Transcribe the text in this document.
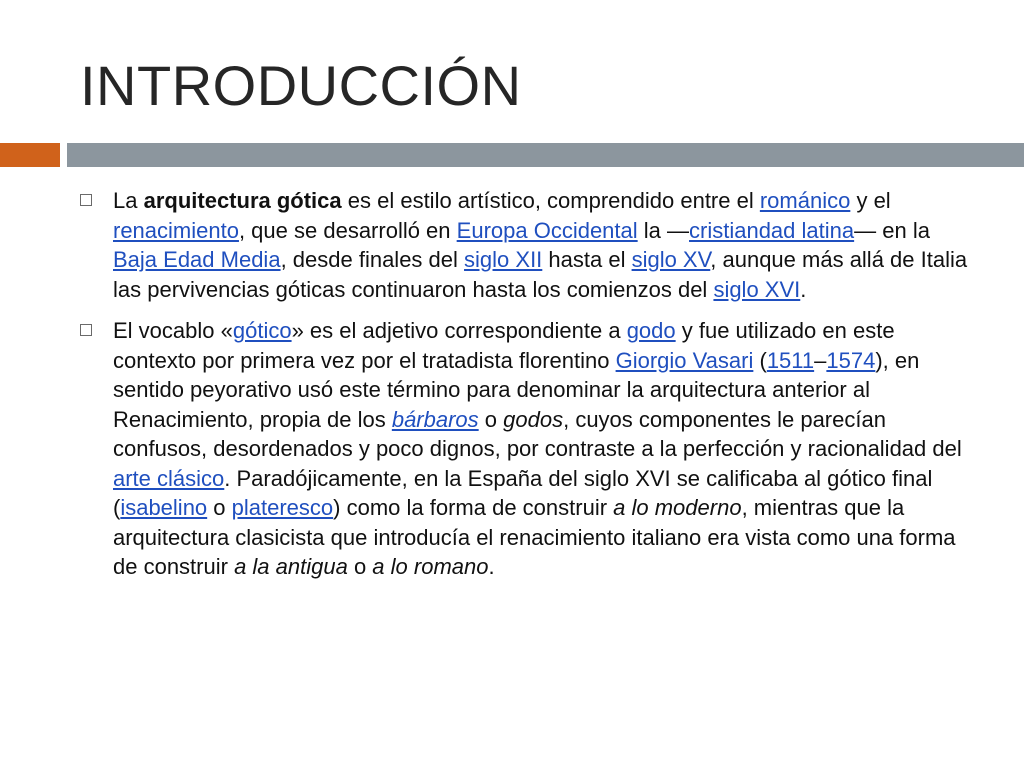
INTRODUCCIÓN
La arquitectura gótica es el estilo artístico, comprendido entre el románico y el renacimiento, que se desarrolló en Europa Occidental la —cristiandad latina— en la Baja Edad Media, desde finales del siglo XII hasta el siglo XV, aunque más allá de Italia las pervivencias góticas continuaron hasta los comienzos del siglo XVI.
El vocablo «gótico» es el adjetivo correspondiente a godo y fue utilizado en este contexto por primera vez por el tratadista florentino Giorgio Vasari (1511–1574), en sentido peyorativo usó este término para denominar la arquitectura anterior al Renacimiento, propia de los bárbaros o godos, cuyos componentes le parecían confusos, desordenados y poco dignos, por contraste a la perfección y racionalidad del arte clásico. Paradójicamente, en la España del siglo XVI se calificaba al gótico final (isabelino o plateresco) como la forma de construir a lo moderno, mientras que la arquitectura clasicista que introducía el renacimiento italiano era vista como una forma de construir a la antigua o a lo romano.
